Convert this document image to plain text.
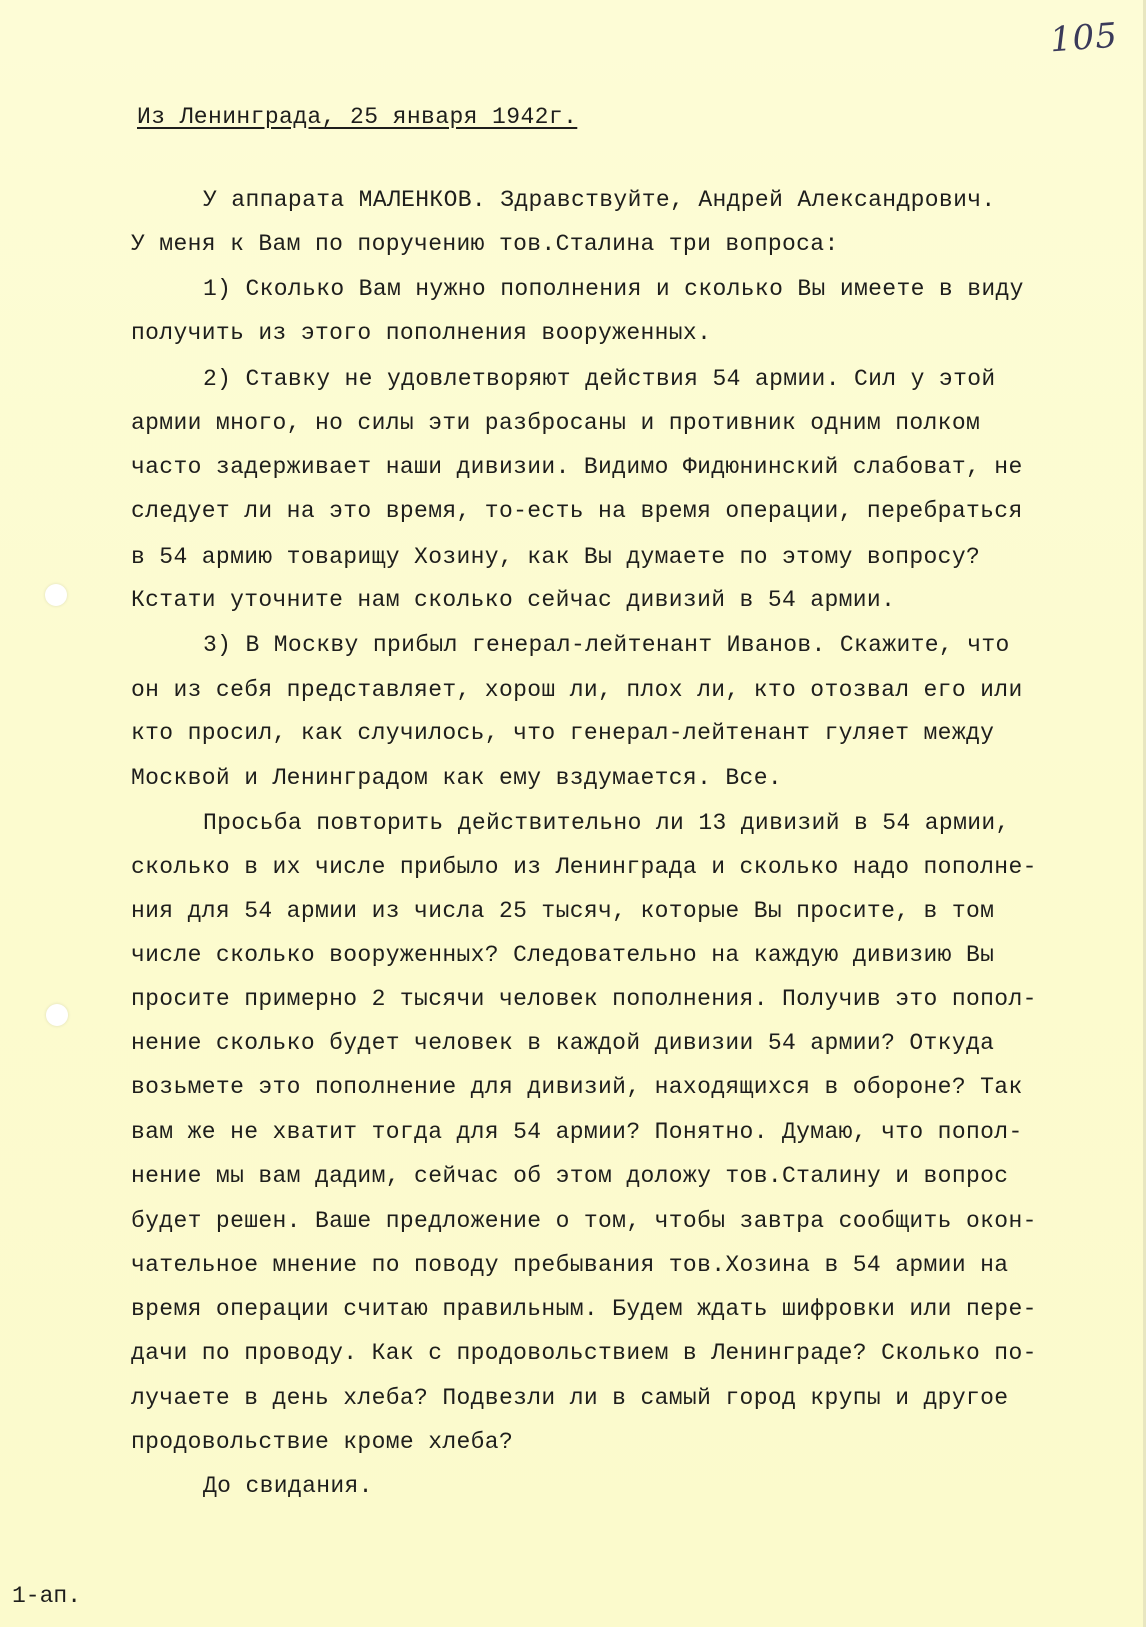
105
Из Ленинграда, 25 января 1942г.
У аппарата МАЛЕНКОВ. Здравствуйте, Андрей Александрович.
У меня к Вам по поручению тов.Сталина три вопроса:
1) Сколько Вам нужно пополнения и сколько Вы имеете в виду
получить из этого пополнения вооруженных.
2) Ставку не удовлетворяют действия 54 армии. Сил у этой
армии много, но силы эти разбросаны и противник одним полком
часто задерживает наши дивизии. Видимо Фидюнинский слабоват, не
следует ли на это время, то-есть на время операции, перебраться
в 54 армию товарищу Хозину, как Вы думаете по этому вопросу?
Кстати уточните нам сколько сейчас дивизий в 54 армии.
3) В Москву прибыл генерал-лейтенант Иванов. Скажите, что
он из себя представляет, хорош ли, плох ли, кто отозвал его или
кто просил, как случилось, что генерал-лейтенант гуляет между
Москвой и Ленинградом как ему вздумается. Все.
Просьба повторить действительно ли 13 дивизий в 54 армии,
сколько в их числе прибыло из Ленинграда и сколько надо пополне-
ния для 54 армии из числа 25 тысяч, которые Вы просите, в том
числе сколько вооруженных? Следовательно на каждую дивизию Вы
просите примерно 2 тысячи человек пополнения. Получив это попол-
нение сколько будет человек в каждой дивизии 54 армии? Откуда
возьмете это пополнение для дивизий, находящихся в обороне? Так
вам же не хватит тогда для 54 армии? Понятно. Думаю, что попол-
нение мы вам дадим, сейчас об этом доложу тов.Сталину и вопрос
будет решен. Ваше предложение о том, чтобы завтра сообщить окон-
чательное мнение по поводу пребывания тов.Хозина в 54 армии на
время операции считаю правильным. Будем ждать шифровки или пере-
дачи по проводу. Как с продовольствием в Ленинграде? Сколько по-
лучаете в день хлеба? Подвезли ли в самый город крупы и другое
продовольствие кроме хлеба?
До свидания.
1-ап.
